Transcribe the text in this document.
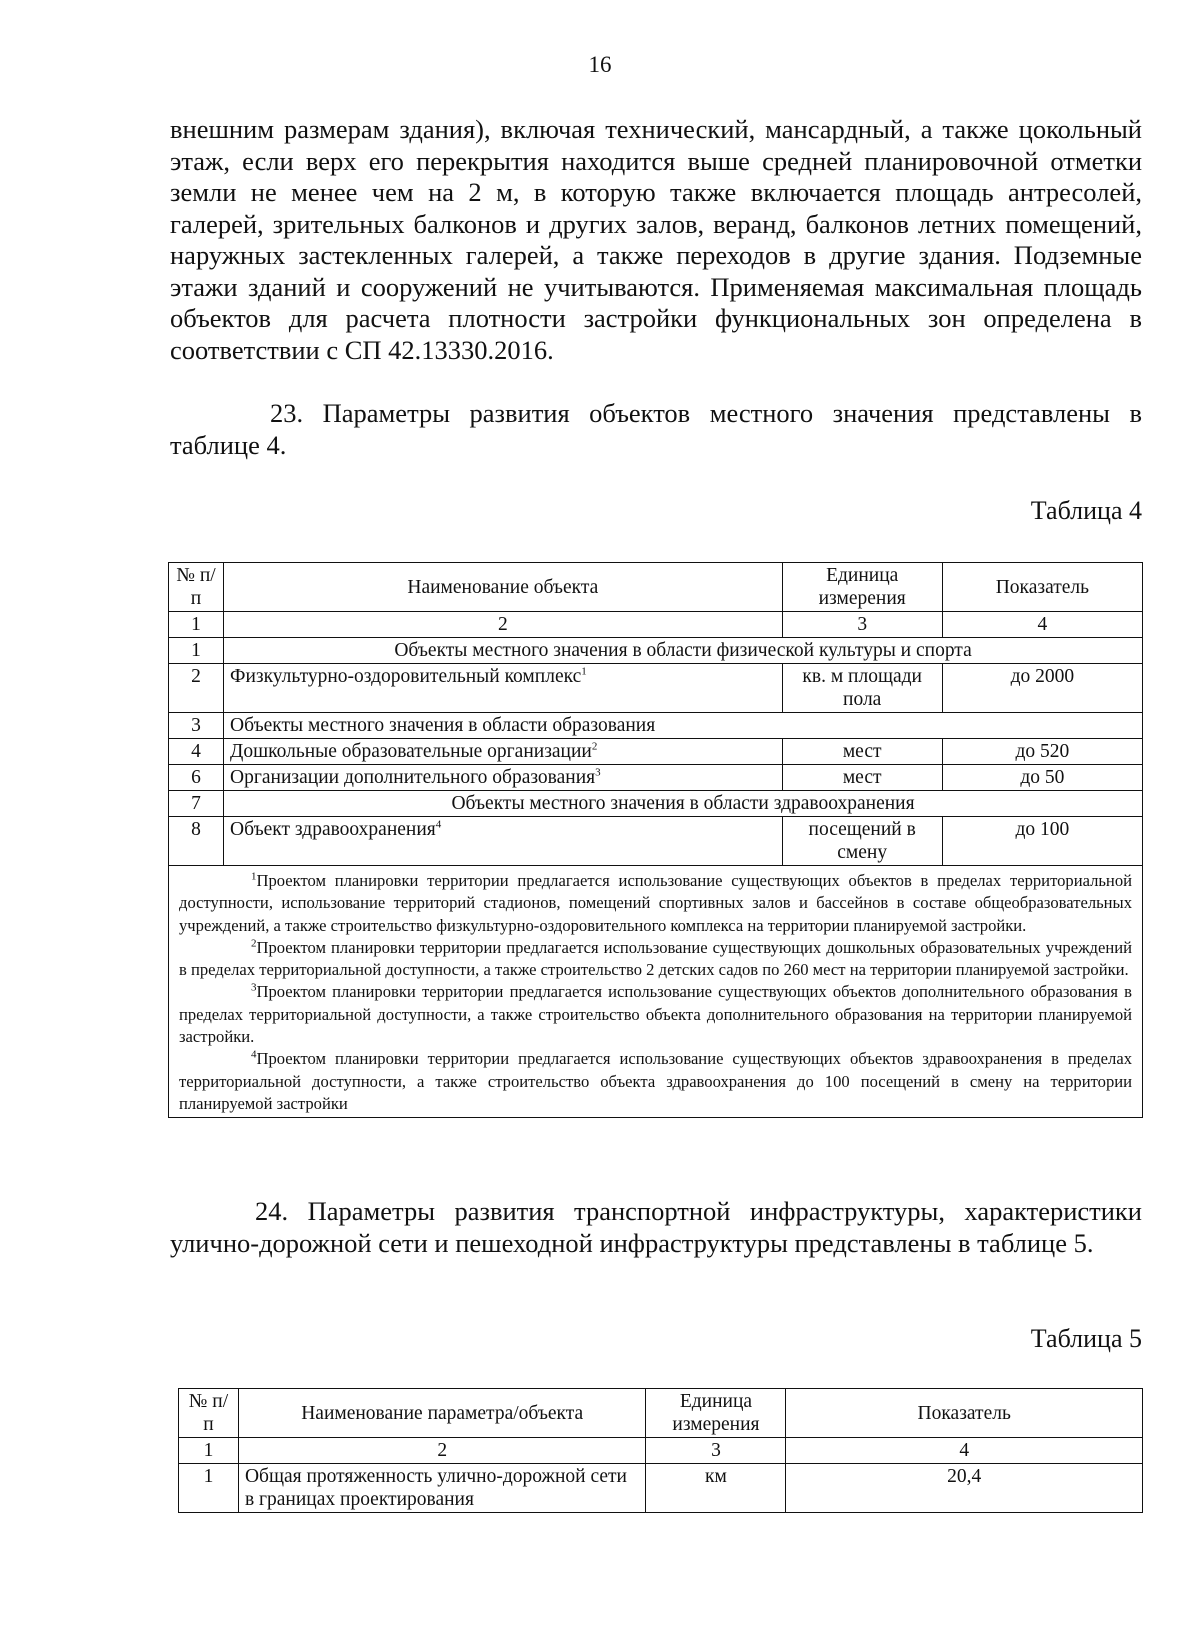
16

внешним размерам здания), включая технический, мансардный, а также цокольный этаж, если верх его перекрытия находится выше средней планировочной отметки земли не менее чем на 2 м, в которую также включается площадь антресолей, галерей, зрительных балконов и других залов, веранд, балконов летних помещений, наружных застекленных галерей, а также переходов в другие здания. Подземные этажи зданий и сооружений не учитываются. Применяемая максимальная площадь объектов для расчета плотности застройки функциональных зон определена в соответствии с СП 42.13330.2016.

23. Параметры развития объектов местного значения представлены в таблице 4.

Таблица 4
№ п/п	Наименование объекта	Единица измерения	Показатель
1	2	3	4
1	Объекты местного значения в области физической культуры и спорта		
2	Физкультурно-оздоровительный комплекс$^1$	кв. м площади пола	до 2000
3	Объекты местного значения в области образования		
4	Дошкольные образовательные организации$^2$	мест	до 520
6	Организации дополнительного образования$^3$	мест	до 50
7	Объекты местного значения в области здравоохранения		
8	Объект здравоохранения$^4$	посещений в смену	до 100

$^1$Проектом планировки территории предлагается использование существующих объектов в пределах территориальной доступности, использование территорий стадионов, помещений спортивных залов и бассейнов в составе общеобразовательных учреждений, а также строительство физкультурно-оздоровительного комплекса на территории планируемой застройки.

$^2$Проектом планировки территории предлагается использование существующих дошкольных образовательных учреждений в пределах территориальной доступности, а также строительство 2 детских садов по 260 мест на территории планируемой застройки.

$^3$Проектом планировки территории предлагается использование существующих объектов дополнительного образования в пределах территориальной доступности, а также строительство объекта дополнительного образования на территории планируемой застройки.

$^4$Проектом планировки территории предлагается использование существующих объектов здравоохранения в пределах территориальной доступности, а также строительство объекта здравоохранения до 100 посещений в смену на территории планируемой застройки			

24. Параметры развития транспортной инфраструктуры, характеристики улично-дорожной сети и пешеходной инфраструктуры представлены в таблице 5.

Таблица 5
№ п/п	Наименование параметра/объекта	Единица измерения	Показатель
1	2	3	4
1	Общая протяженность улично-дорожной сети в границах проектирования	км	20,4
